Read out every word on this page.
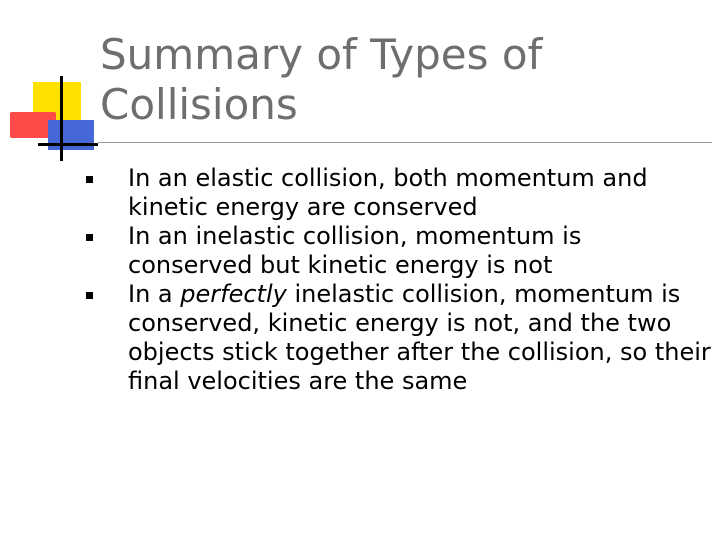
Summary of Types of Collisions
In an elastic collision, both momentum and kinetic energy are conserved
In an inelastic collision, momentum is conserved but kinetic energy is not
In a perfectly inelastic collision, momentum is conserved, kinetic energy is not, and the two objects stick together after the collision, so their final velocities are the same
